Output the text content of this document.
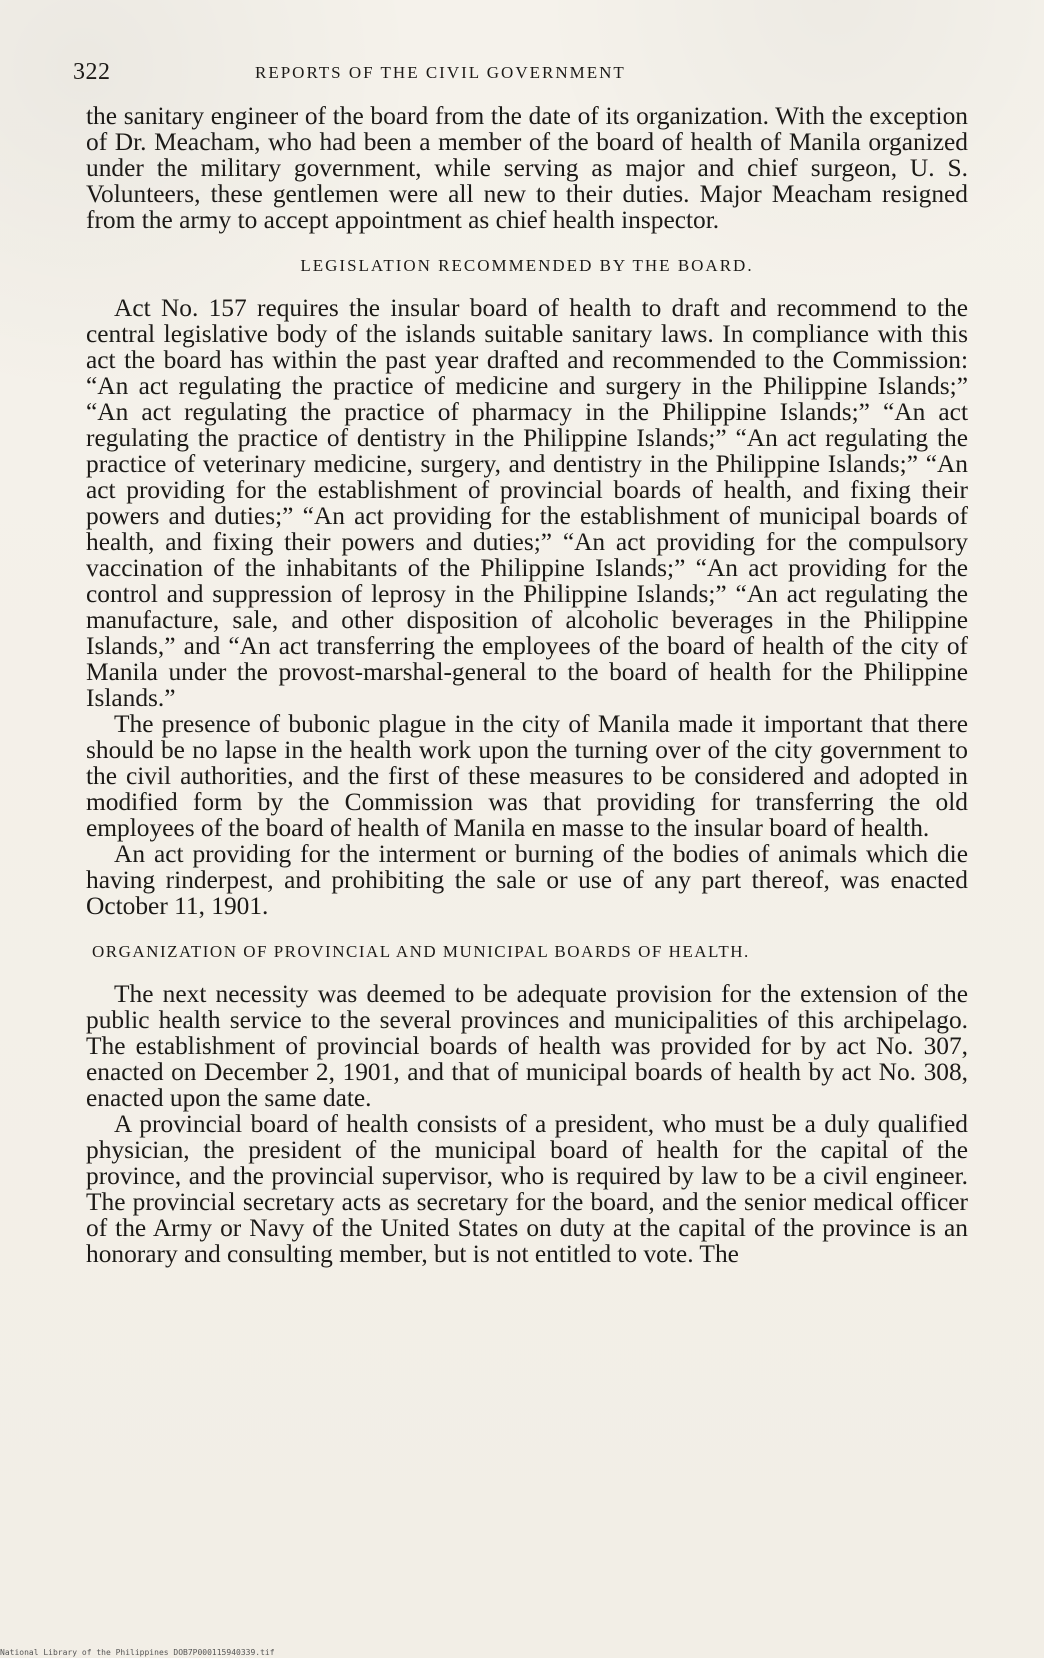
322	REPORTS OF THE CIVIL GOVERNMENT

the sanitary engineer of the board from the date of its organization. With the exception of Dr. Meacham, who had been a member of the board of health of Manila organized under the military government, while serving as major and chief surgeon, U. S. Volunteers, these gentlemen were all new to their duties. Major Meacham resigned from the army to accept appointment as chief health inspector.

LEGISLATION RECOMMENDED BY THE BOARD.

Act No. 157 requires the insular board of health to draft and recommend to the central legislative body of the islands suitable sanitary laws. In compliance with this act the board has within the past year drafted and recommended to the Commission: “An act regulating the practice of medicine and surgery in the Philippine Islands;” “An act regulating the practice of pharmacy in the Philippine Islands;” “An act regulating the practice of dentistry in the Philippine Islands;” “An act regulating the practice of veterinary medicine, surgery, and dentistry in the Philippine Islands;” “An act providing for the establishment of provincial boards of health, and fixing their powers and duties;” “An act providing for the establishment of municipal boards of health, and fixing their powers and duties;” “An act providing for the compulsory vaccination of the inhabitants of the Philippine Islands;” “An act providing for the control and suppression of leprosy in the Philippine Islands;” “An act regulating the manufacture, sale, and other disposition of alcoholic beverages in the Philippine Islands,” and “An act transferring the employees of the board of health of the city of Manila under the provost-marshal-general to the board of health for the Philippine Islands.”

The presence of bubonic plague in the city of Manila made it important that there should be no lapse in the health work upon the turning over of the city government to the civil authorities, and the first of these measures to be considered and adopted in modified form by the Commission was that providing for transferring the old employees of the board of health of Manila en masse to the insular board of health.

An act providing for the interment or burning of the bodies of animals which die having rinderpest, and prohibiting the sale or use of any part thereof, was enacted October 11, 1901.

ORGANIZATION OF PROVINCIAL AND MUNICIPAL BOARDS OF HEALTH.

The next necessity was deemed to be adequate provision for the extension of the public health service to the several provinces and municipalities of this archipelago. The establishment of provincial boards of health was provided for by act No. 307, enacted on December 2, 1901, and that of municipal boards of health by act No. 308, enacted upon the same date.

A provincial board of health consists of a president, who must be a duly qualified physician, the president of the municipal board of health for the capital of the province, and the provincial supervisor, who is required by law to be a civil engineer. The provincial secretary acts as secretary for the board, and the senior medical officer of the Army or Navy of the United States on duty at the capital of the province is an honorary and consulting member, but is not entitled to vote. The

National Library of the Philippines DOB7P000115940339.tif
